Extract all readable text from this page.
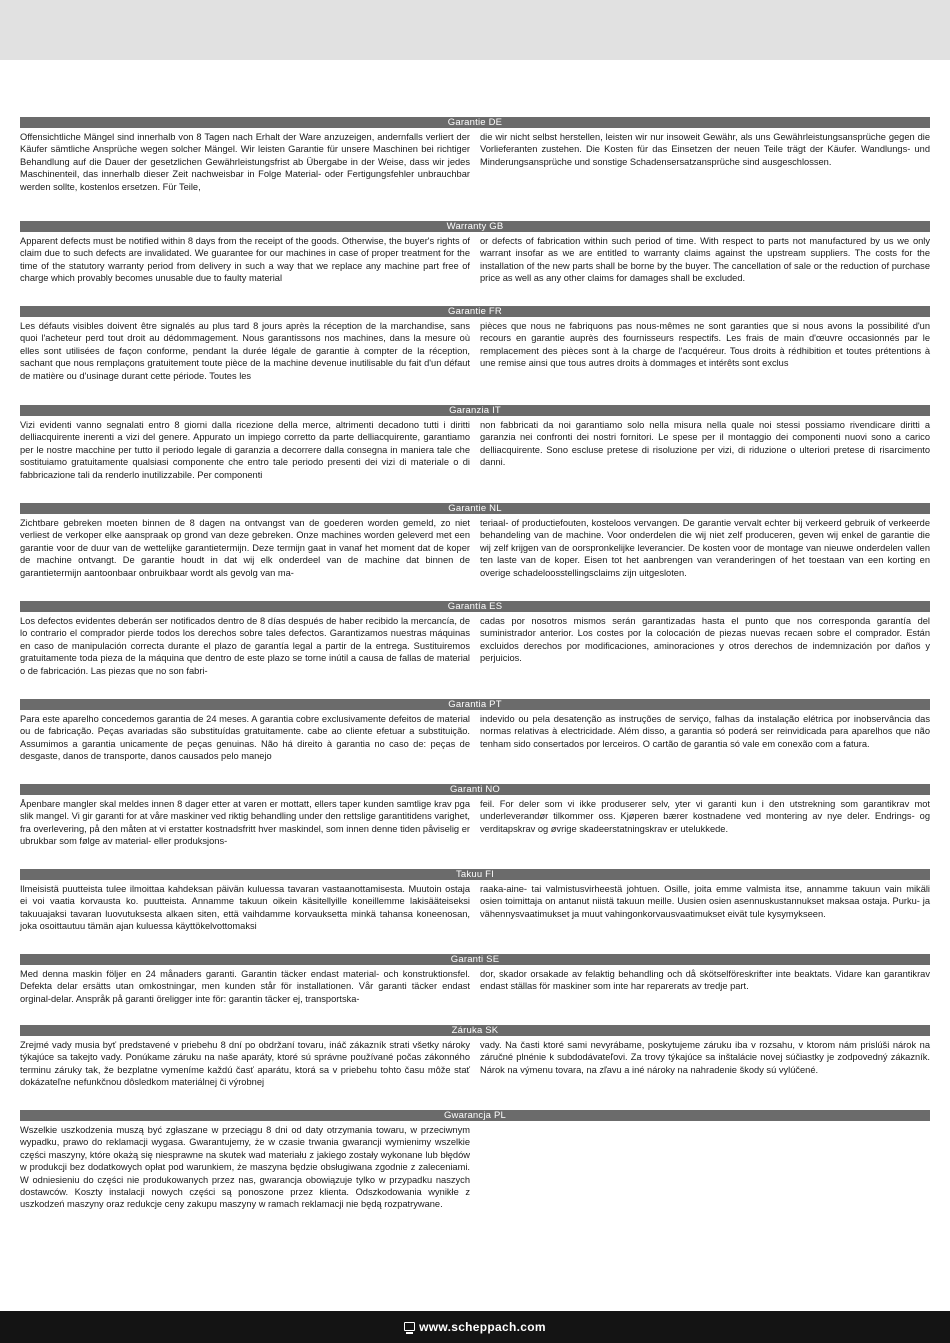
Garantie DE
Offensichtliche Mängel sind innerhalb von 8 Tagen nach Erhalt der Ware anzuzeigen, andernfalls verliert der Käufer sämtliche Ansprüche wegen solcher Mängel. Wir leisten Garantie für unsere Maschinen bei richtiger Behandlung auf die Dauer der gesetzlichen Gewährleistungsfrist ab Übergabe in der Weise, dass wir jedes Maschinenteil, das innerhalb dieser Zeit nachweisbar in Folge Material- oder Fertigungsfehler unbrauchbar werden sollte, kostenlos ersetzen. Für Teile,
die wir nicht selbst herstellen, leisten wir nur insoweit Gewähr, als uns Gewährleistungsansprüche gegen die Vorlieferanten zustehen. Die Kosten für das Einsetzen der neuen Teile trägt der Käufer. Wandlungs- und Minderungsansprüche und sonstige Schadensersatzansprüche sind ausgeschlossen.
Warranty GB
Apparent defects must be notified within 8 days from the receipt of the goods. Otherwise, the buyer's rights of claim due to such defects are invalidated. We guarantee for our machines in case of proper treatment for the time of the statutory warranty period from delivery in such a way that we replace any machine part free of charge which provably becomes unusable due to faulty material
or defects of fabrication within such period of time. With respect to parts not manufactured by us we only warrant insofar as we are entitled to warranty claims against the upstream suppliers. The costs for the installation of the new parts shall be borne by the buyer. The cancellation of sale or the reduction of purchase price as well as any other claims for damages shall be excluded.
Garantie FR
Les défauts visibles doivent être signalés au plus tard 8 jours après la réception de la marchandise, sans quoi l'acheteur perd tout droit au dédommagement. Nous garantissons nos machines, dans la mesure où elles sont utilisées de façon conforme, pendant la durée légale de garantie à compter de la réception, sachant que nous remplaçons gratuitement toute pièce de la machine devenue inutilisable du fait d'un défaut de matière ou d'usinage durant cette période. Toutes les
pièces que nous ne fabriquons pas nous-mêmes ne sont garanties que si nous avons la possibilité d'un recours en garantie auprès des fournisseurs respectifs. Les frais de main d'œuvre occasionnés par le remplacement des pièces sont à la charge de l'acquéreur. Tous droits à rédhibition et toutes prétentions à une remise ainsi que tous autres droits à dommages et intérêts sont exclus
Garanzia IT
Vizi evidenti vanno segnalati entro 8 giorni dalla ricezione della merce, altrimenti decadono tutti i diritti delliacquirente inerenti a vizi del genere. Appurato un impiego corretto da parte delliacquirente, garantiamo per le nostre macchine per tutto il periodo legale di garanzia a decorrere dalla consegna in maniera tale che sostituiamo gratuitamente qualsiasi componente che entro tale periodo presenti dei vizi di materiale o di fabbricazione tali da renderlo inutilizzabile. Per componenti
non fabbricati da noi garantiamo solo nella misura nella quale noi stessi possiamo rivendicare diritti a garanzia nei confronti dei nostri fornitori. Le spese per il montaggio dei componenti nuovi sono a carico delliacquirente. Sono escluse pretese di risoluzione per vizi, di riduzione o ulteriori pretese di risarcimento danni.
Garantie NL
Zichtbare gebreken moeten binnen de 8 dagen na ontvangst van de goederen worden gemeld, zo niet verliest de verkoper elke aanspraak op grond van deze gebreken. Onze machines worden geleverd met een garantie voor de duur van de wettelijke garantietermijn. Deze termijn gaat in vanaf het moment dat de koper de machine ontvangt. De garantie houdt in dat wij elk onderdeel van de machine dat binnen de garantietermijn aantoonbaar onbruikbaar wordt als gevolg van ma-
teriaal- of productiefouten, kosteloos vervangen. De garantie vervalt echter bij verkeerd gebruik of verkeerde behandeling van de machine. Voor onderdelen die wij niet zelf produceren, geven wij enkel de garantie die wij zelf krijgen van de oorspronkelijke leverancier. De kosten voor de montage van nieuwe onderdelen vallen ten laste van de koper. Eisen tot het aanbrengen van veranderingen of het toestaan van een korting en overige schadeloosstellingsclaims zijn uitgesloten.
Garantía ES
Los defectos evidentes deberán ser notificados dentro de 8 días después de haber recibido la mercancía, de lo contrario el comprador pierde todos los derechos sobre tales defectos. Garantizamos nuestras máquinas en caso de manipulación correcta durante el plazo de garantía legal a partir de la entrega. Sustituiremos gratuitamente toda pieza de la máquina que dentro de este plazo se torne inútil a causa de fallas de material o de fabricación. Las piezas que no son fabri-
cadas por nosotros mismos serán garantizadas hasta el punto que nos corresponda garantía del suministrador anterior. Los costes por la colocación de piezas nuevas recaen sobre el comprador. Están excluidos derechos por modificaciones, aminoraciones y otros derechos de indemnización por daños y perjuicios.
Garantia PT
Para este aparelho concedemos garantia de 24 meses. A garantia cobre exclusivamente defeitos de material ou de fabricação. Peças avariadas são substituídas gratuitamente. cabe ao cliente efetuar a substituição. Assumimos a garantia unicamente de peças genuinas. Não há direito à garantia no caso de: peças de desgaste, danos de transporte, danos causados pelo manejo
indevido ou pela desatenção as instruções de serviço, falhas da instalação elétrica por inobservância das normas relativas à electricidade. Além disso, a garantia só poderá ser reinvidicada para aparelhos que não tenham sido consertados por lerceiros. O cartão de garantia só vale em conexão com a fatura.
Garanti NO
Åpenbare mangler skal meldes innen 8 dager etter at varen er mottatt, ellers taper kunden samtlige krav pga slik mangel. Vi gir garanti for at våre maskiner ved riktig behandling under den rettslige garantitidens varighet, fra overlevering, på den måten at vi erstatter kostnadsfritt hver maskindel, som innen denne tiden påviselig er ubrukbar som følge av material- eller produksjons-
feil. For deler som vi ikke produserer selv, yter vi garanti kun i den utstrekning som garantikrav mot underleverandør tilkommer oss. Kjøperen bærer kostnadene ved montering av nye deler. Endrings- og verditapskrav og øvrige skadeerstatningskrav er utelukkede.
Takuu FI
Ilmeisistä puutteista tulee ilmoittaa kahdeksan päivän kuluessa tavaran vastaanottamisesta. Muutoin ostaja ei voi vaatia korvausta ko. puutteista. Annamme takuun oikein käsitellyille koneillemme lakisääteiseksi takuuajaksi tavaran luovutuksesta alkaen siten, että vaihdamme korvauksetta minkä tahansa koneenosan, joka osoittautuu tämän ajan kuluessa käyttökelvottomaksi
raaka-aine- tai valmistusvirheestä johtuen. Osille, joita emme valmista itse, annamme takuun vain mikäli osien toimittaja on antanut niistä takuun meille. Uusien osien asennuskustannukset maksaa ostaja. Purku- ja vähennysvaatimukset ja muut vahingonkorvausvaatimukset eivät tule kysymykseen.
Garanti SE
Med denna maskin följer en 24 månaders garanti. Garantin täcker endast material- och konstruktionsfel. Defekta delar ersätts utan omkostningar, men kunden står för installationen. Vår garanti täcker endast orginal-delar. Anspråk på garanti öreligger inte för: garantin täcker ej, transportska-
dor, skador orsakade av felaktig behandling och då skötselföreskrifter inte beaktats. Vidare kan garantikrav endast ställas för maskiner som inte har reparerats av tredje part.
Záruka SK
Zrejmé vady musia byť predstavené v priebehu 8 dní po obdržaní tovaru, ináč zákazník strati všetky nároky týkajúce sa takejto vady. Ponúkame záruku na naše aparáty, ktoré sú správne používané počas zákonného terminu záruky tak, že bezplatne vymeníme každú časť aparátu, ktorá sa v priebehu tohto času môže stať dokázateľne nefunkčnou dôsledkom materiálnej či výrobnej
vady. Na časti ktoré sami nevyrábame, poskytujeme záruku iba v rozsahu, v ktorom nám prislúši nárok na záručné plnénie k subdodávateľovi. Za trovy týkajúce sa inštalácie novej súčiastky je zodpovedný zákazník. Nárok na výmenu tovara, na zľavu a iné nároky na nahradenie škody sú vylúčené.
Gwarancja PL
Wszelkie uszkodzenia muszą być zgłaszane w przeciągu 8 dni od daty otrzymania towaru, w przeciwnym wypadku, prawo do reklamacji wygasa. Gwarantujemy, że w czasie trwania gwarancji wymienimy wszelkie części maszyny, które okażą się niesprawne na skutek wad materiału z jakiego zostały wykonane lub błędów w produkcji bez dodatkowych opłat pod warunkiem, że maszyna będzie obsługiwana zgodnie z zaleceniami. W odniesieniu do części nie produkowanych przez nas, gwarancja obowiązuje tylko w przypadku naszych dostawców. Koszty instalacji nowych części są ponoszone przez klienta. Odszkodowania wynikłe z uszkodzeń maszyny oraz redukcje ceny zakupu maszyny w ramach reklamacji nie będą rozpatrywane.
www.scheppach.com
